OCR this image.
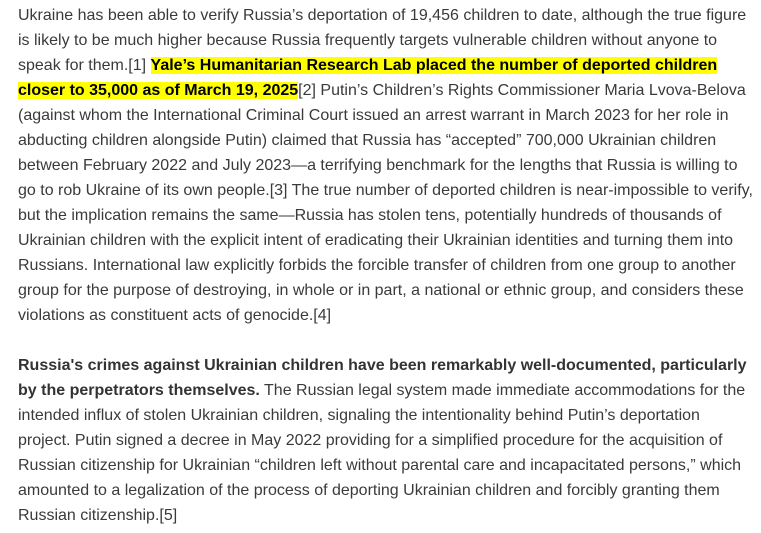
Ukraine has been able to verify Russia’s deportation of 19,456 children to date, although the true figure is likely to be much higher because Russia frequently targets vulnerable children without anyone to speak for them.[1] Yale’s Humanitarian Research Lab placed the number of deported children closer to 35,000 as of March 19, 2025[2] Putin’s Children’s Rights Commissioner Maria Lvova-Belova (against whom the International Criminal Court issued an arrest warrant in March 2023 for her role in abducting children alongside Putin) claimed that Russia has “accepted” 700,000 Ukrainian children between February 2022 and July 2023—a terrifying benchmark for the lengths that Russia is willing to go to rob Ukraine of its own people.[3] The true number of deported children is near-impossible to verify, but the implication remains the same—Russia has stolen tens, potentially hundreds of thousands of Ukrainian children with the explicit intent of eradicating their Ukrainian identities and turning them into Russians. International law explicitly forbids the forcible transfer of children from one group to another group for the purpose of destroying, in whole or in part, a national or ethnic group, and considers these violations as constituent acts of genocide.[4]

Russia's crimes against Ukrainian children have been remarkably well-documented, particularly by the perpetrators themselves. The Russian legal system made immediate accommodations for the intended influx of stolen Ukrainian children, signaling the intentionality behind Putin’s deportation project. Putin signed a decree in May 2022 providing for a simplified procedure for the acquisition of Russian citizenship for Ukrainian “children left without parental care and incapacitated persons,” which amounted to a legalization of the process of deporting Ukrainian children and forcibly granting them Russian citizenship.[5]
